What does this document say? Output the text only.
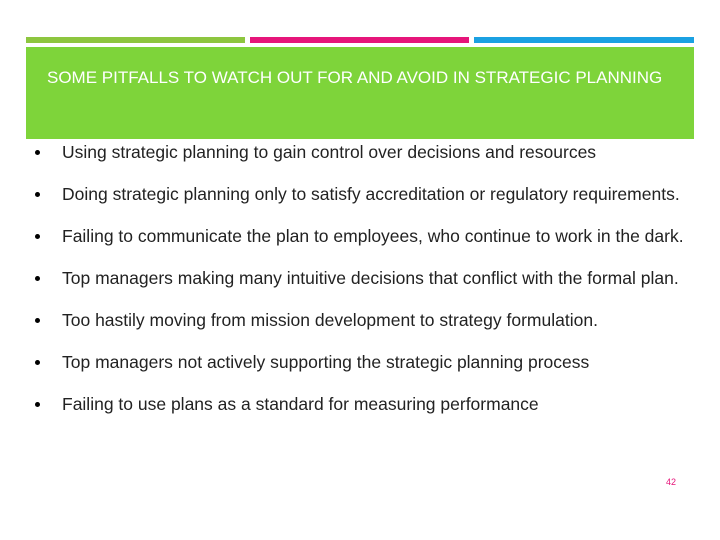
SOME PITFALLS TO WATCH OUT FOR AND AVOID IN STRATEGIC PLANNING
Using strategic planning to gain control over decisions and resources
Doing strategic planning only to satisfy accreditation or regulatory requirements.
Failing to communicate the plan to employees, who continue to work in the dark.
Top managers making many intuitive decisions that conflict with the formal plan.
Too hastily moving from mission development to strategy formulation.
Top managers not actively supporting the strategic planning process
Failing to use plans as a standard for measuring performance
42
